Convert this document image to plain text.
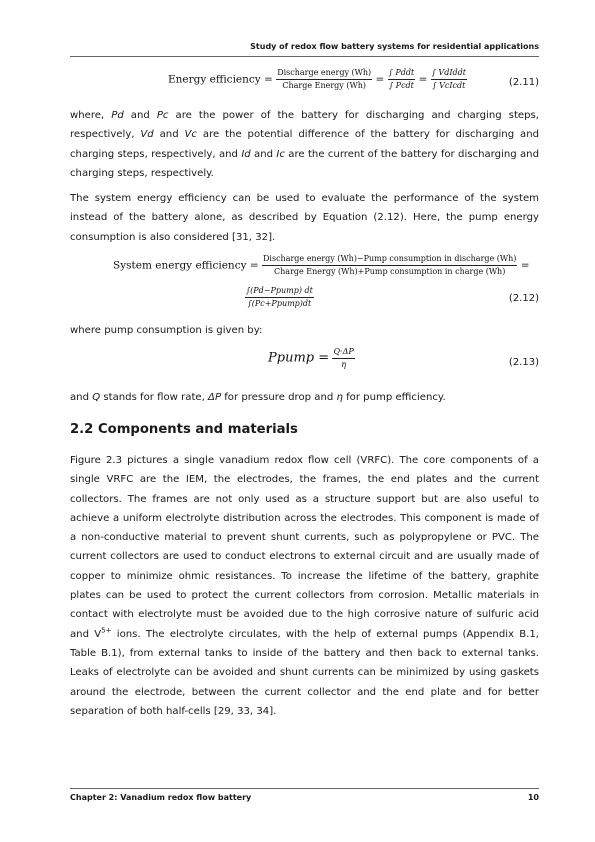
Study of redox flow battery systems for residential applications
Energy efficiency = $\frac{\text{Discharge energy (Wh)}}{\text{Charge Energy (Wh)}} = \frac{\text{∫ Pddt}}{\text{∫ Pcdt}} = \frac{\text{∫ VdIddt}}{\text{∫ VcIcdt}}$	(2.11)
where, Pd and Pc are the power of the battery for discharging and charging steps, respectively, Vd and Vc are the potential difference of the battery for discharging and charging steps, respectively, and Id and Ic are the current of the battery for discharging and charging steps, respectively.
The system energy efficiency can be used to evaluate the performance of the system instead of the battery alone, as described by Equation (2.12). Here, the pump energy consumption is also considered [31, 32].
System energy efficiency = $\frac{\text{Discharge energy (Wh)−Pump consumption in discharge (Wh)}}{\text{Charge Energy (Wh)+Pump consumption in charge (Wh)}}$ =
$\frac{\text{∫(Pd−Ppump) dt}}{\text{∫(Pc+Ppump)dt}}$	(2.12)
where pump consumption is given by:
Ppump = $\frac{Q\cdot\Delta P}{\eta}$	(2.13)
and Q stands for flow rate, ΔP for pressure drop and η for pump efficiency.
2.2 Components and materials
Figure 2.3 pictures a single vanadium redox flow cell (VRFC). The core components of a single VRFC are the IEM, the electrodes, the frames, the end plates and the current collectors. The frames are not only used as a structure support but are also useful to achieve a uniform electrolyte distribution across the electrodes. This component is made of a non-conductive material to prevent shunt currents, such as polypropylene or PVC. The current collectors are used to conduct electrons to external circuit and are usually made of copper to minimize ohmic resistances. To increase the lifetime of the battery, graphite plates can be used to protect the current collectors from corrosion. Metallic materials in contact with electrolyte must be avoided due to the high corrosive nature of sulfuric acid and $V^{5+}$ ions. The electrolyte circulates, with the help of external pumps (Appendix B.1, Table B.1), from external tanks to inside of the battery and then back to external tanks. Leaks of electrolyte can be avoided and shunt currents can be minimized by using gaskets around the electrode, between the current collector and the end plate and for better separation of both half-cells [29, 33, 34].
Chapter 2: Vanadium redox flow battery	10
